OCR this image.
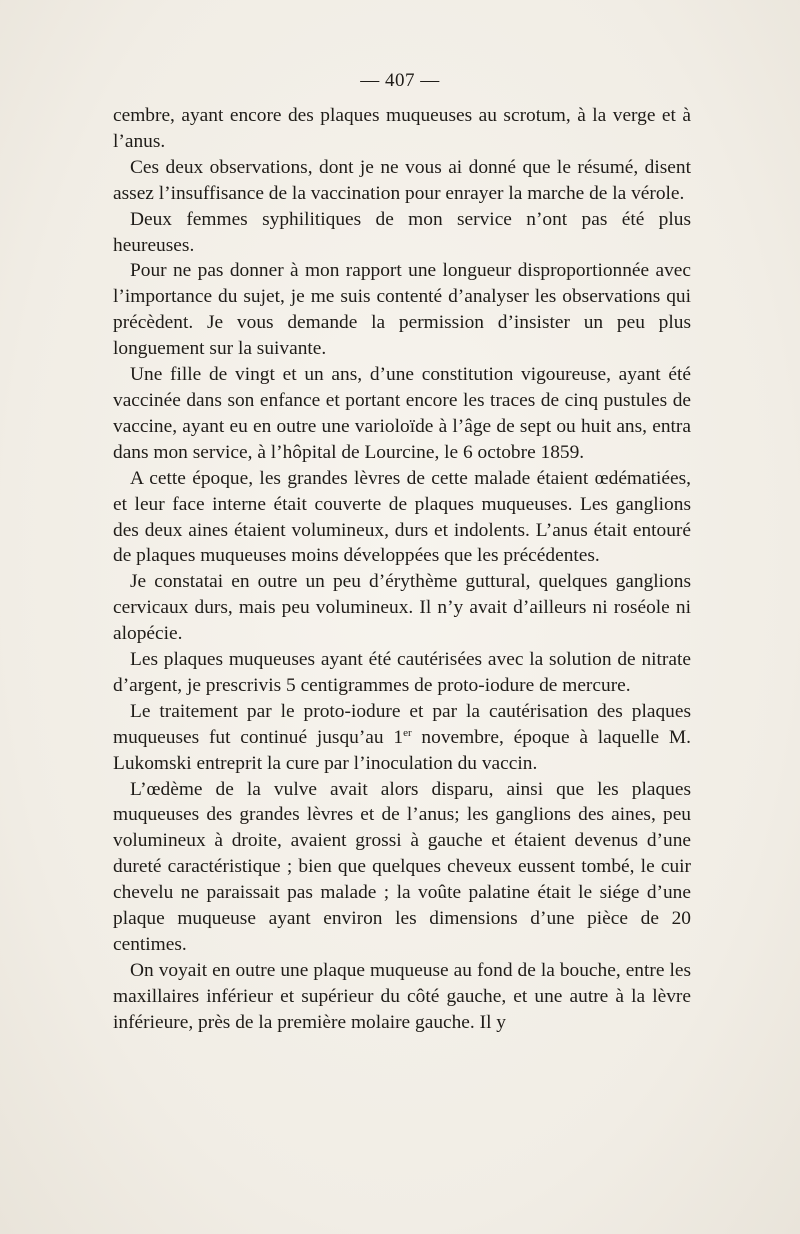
— 407 —

cembre, ayant encore des plaques muqueuses au scrotum, à la verge et à l’anus.

Ces deux observations, dont je ne vous ai donné que le résumé, disent assez l’insuffisance de la vaccination pour enrayer la marche de la vérole.

Deux femmes syphilitiques de mon service n’ont pas été plus heureuses.

Pour ne pas donner à mon rapport une longueur disproportionnée avec l’importance du sujet, je me suis contenté d’analyser les observations qui précèdent. Je vous demande la permission d’insister un peu plus longuement sur la suivante.

Une fille de vingt et un ans, d’une constitution vigoureuse, ayant été vaccinée dans son enfance et portant encore les traces de cinq pustules de vaccine, ayant eu en outre une varioloïde à l’âge de sept ou huit ans, entra dans mon service, à l’hôpital de Lourcine, le 6 octobre 1859.

A cette époque, les grandes lèvres de cette malade étaient œdématiées, et leur face interne était couverte de plaques muqueuses. Les ganglions des deux aines étaient volumineux, durs et indolents. L’anus était entouré de plaques muqueuses moins développées que les précédentes.

Je constatai en outre un peu d’érythème guttural, quelques ganglions cervicaux durs, mais peu volumineux. Il n’y avait d’ailleurs ni roséole ni alopécie.

Les plaques muqueuses ayant été cautérisées avec la solution de nitrate d’argent, je prescrivis 5 centigrammes de proto-iodure de mercure.

Le traitement par le proto-iodure et par la cautérisation des plaques muqueuses fut continué jusqu’au 1er novembre, époque à laquelle M. Lukomski entreprit la cure par l’inoculation du vaccin.

L’œdème de la vulve avait alors disparu, ainsi que les plaques muqueuses des grandes lèvres et de l’anus; les ganglions des aines, peu volumineux à droite, avaient grossi à gauche et étaient devenus d’une dureté caractéristique ; bien que quelques cheveux eussent tombé, le cuir chevelu ne paraissait pas malade ; la voûte palatine était le siége d’une plaque muqueuse ayant environ les dimensions d’une pièce de 20 centimes.

On voyait en outre une plaque muqueuse au fond de la bouche, entre les maxillaires inférieur et supérieur du côté gauche, et une autre à la lèvre inférieure, près de la première molaire gauche. Il y
